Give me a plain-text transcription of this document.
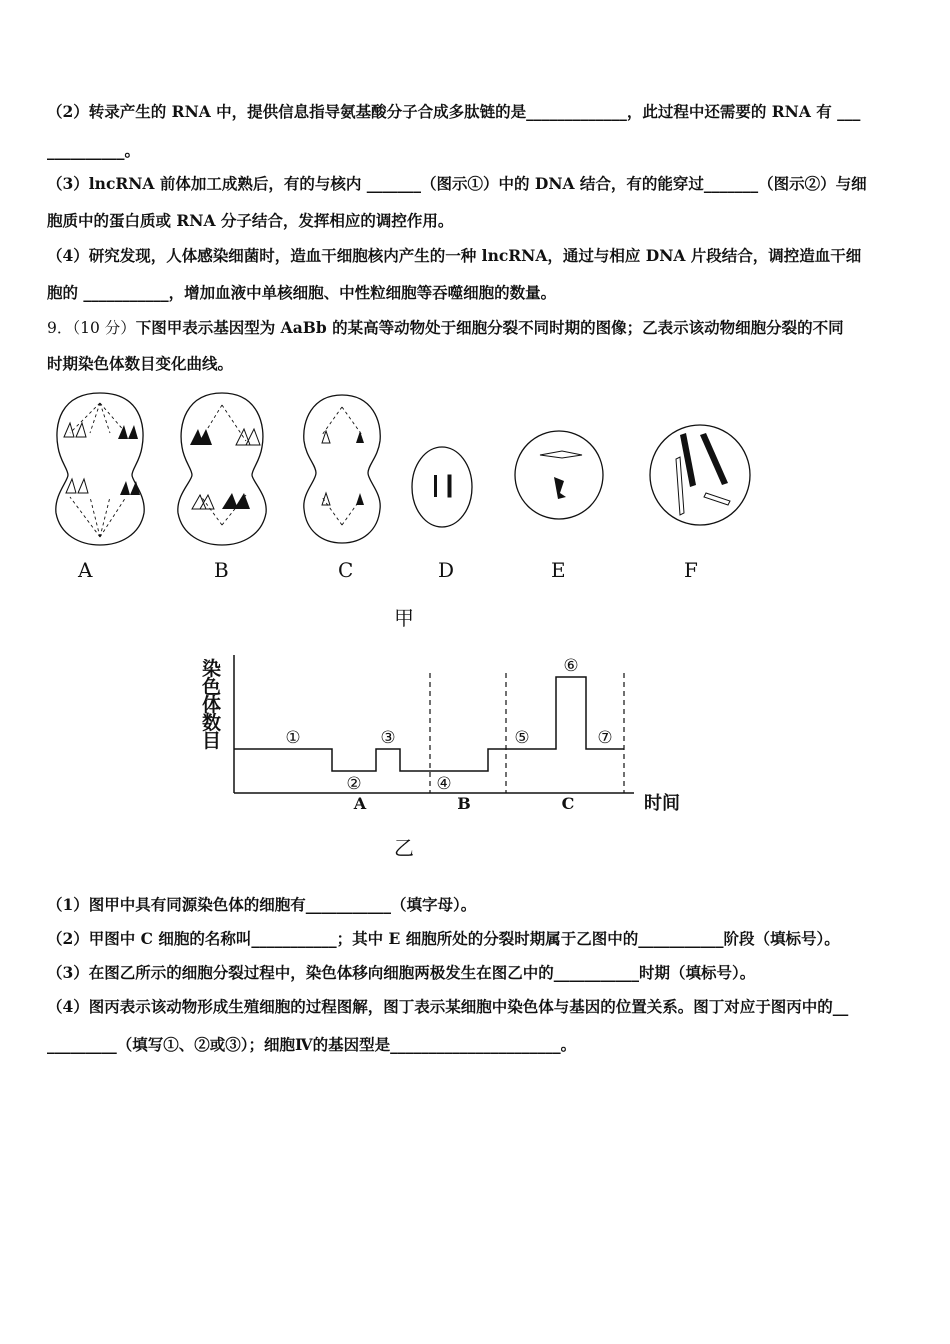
（2）转录产生的 RNA 中，提供信息指导氨基酸分子合成多肽链的是_____________，此过程中还需要的 RNA 有 ___
__________。
（3）lncRNA 前体加工成熟后，有的与核内 _______（图示①）中的 DNA 结合，有的能穿过_______（图示②）与细
胞质中的蛋白质或 RNA 分子结合，发挥相应的调控作用。
（4）研究发现，人体感染细菌时，造血干细胞核内产生的一种 lncRNA，通过与相应 DNA 片段结合，调控造血干细
胞的 ___________，增加血液中单核细胞、中性粒细胞等吞噬细胞的数量。
9．（10 分）下图甲表示基因型为 AaBb 的某高等动物处于细胞分裂不同时期的图像；乙表示该动物细胞分裂的不同
时期染色体数目变化曲线。
A	B	C	D	E	F
甲
染
色
体
数
目	①
②
③
④
⑤
⑥
⑦
A	B	C	时间
乙
（1）图甲中具有同源染色体的细胞有___________（填字母）。
（2）甲图中 C 细胞的名称叫___________；其中 E 细胞所处的分裂时期属于乙图中的___________阶段（填标号）。
（3）在图乙所示的细胞分裂过程中，染色体移向细胞两极发生在图乙中的___________时期（填标号）。
（4）图丙表示该动物形成生殖细胞的过程图解，图丁表示某细胞中染色体与基因的位置关系。图丁对应于图丙中的__
_________（填写①、②或③）；细胞Ⅳ的基因型是______________________。
